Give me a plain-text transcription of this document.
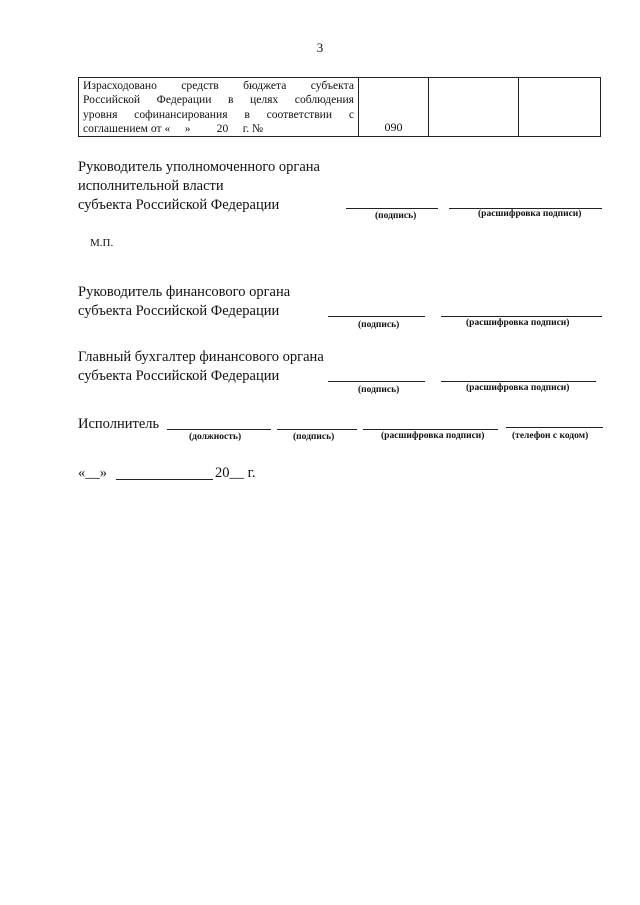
3
Израсходовано средств бюджета субъекта
Российской Федерации в целях соблюдения
уровня софинансирования в соответствии с
соглашением от «     »         20     г. №	090
Руководитель уполномоченного органа
исполнительной власти
субъекта Российской Федерации
(подпись)	(расшифровка подписи)
М.П.
Руководитель финансового органа
субъекта Российской Федерации
(подпись)	(расшифровка подписи)
Главный бухгалтер финансового органа
субъекта Российской Федерации
(подпись)	(расшифровка подписи)
Исполнитель
(должность)	(подпись)	(расшифровка подписи)	(телефон с кодом)
«__»	20__ г.
